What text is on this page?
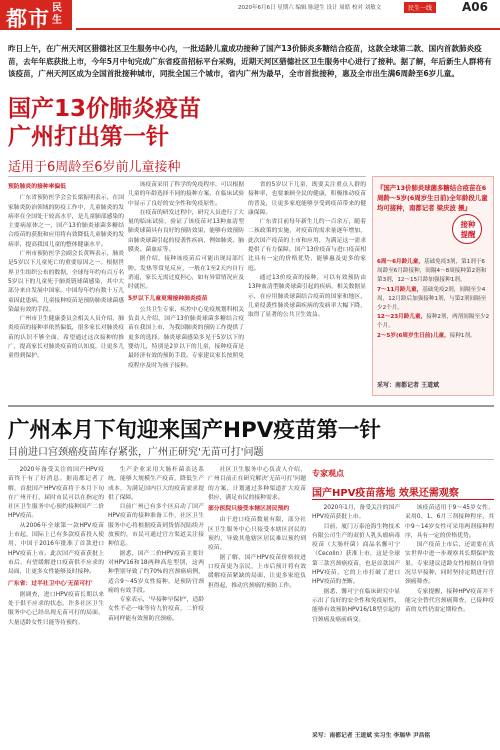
都市 民生
2020年6月6日 星期六 编辑 陈建生 设计 周皓 校对 刘敏文	民生一线	A06
昨日上午，在广州天河区猎德社区卫生服务中心内，一批适龄儿童成功接种了国产13价肺炎多糖结合疫苗，这款全球第二款、国内首款肺炎疫苗，去年年底获批上市，今年5月中旬完成广东省疫苗招标平台采购，近期天河区猎德社区卫生服务中心进行了接种。据了解，年后新生人群将有该疫苗，广州天河区成为全国首批接种城市，同批全国三个城市，省内广州为最早，全市首批接种，惠及全市出生满6周龄至6岁儿童。
国产13价肺炎疫苗
广州打出第一针
适用于6周龄至6岁前儿童接种

预防肺炎的接种率偏低

广东省预防医学会会长梁振明表示，在国家肺炎防治领域的防疫工作中，儿童肺炎的发病率在全国处于较高水平，是儿童肺部感染的主要病原体之一，国产13价肺炎球菌多糖结合疫苗的获批和应用将有效降低儿童肺炎的发病率，提高我国儿童的整体健康水平。

广州市预防医学会副会长黄辉表示，肺炎是5岁以下儿童死亡的重要原因之一。根据世界卫生组织公布的数据，全球每年约有百万名5岁以下的儿童死于肺炎链球菌感染，其中大部分来自发展中国家。中国每年约有数十万儿童因此患病，儿童接种疫苗是预防肺炎球菌感染最有效的手段。

广州市卫生健康委员会相关人员介绍，肺炎疫苗的接种率依然偏低，很多家长对肺炎疫苗的认识不够全面，希望通过这次接种的推广，提高家长对肺炎疫苗的认知度，让更多儿童得到保护。

该疫苗采用了科学的免疫程序，可以根据儿童的年龄选择不同的接种方案，在临床试验中显示了良好的安全性和免疫原性。

在疫苗的研发过程中，研究人员进行了大量的临床试验，验证了该疫苗对13种血清型肺炎球菌具有良好的预防效果，能够有效预防由肺炎球菌引起的侵袭性疾病，例如肺炎、脑膜炎、菌血症等。

据介绍，接种该疫苗后可能出现局部红肿、发热等常见反应，一般在1至2天内自行消退，家长无需过度担心，如有异常情况应及时就医。

5岁以下儿童更需接种肺炎疫苗

公共卫生专家、疾控中心免疫规划科相关负责人介绍，国产13价肺炎球菌多糖结合疫苗在我国上市，为我国肺炎的预防工作提供了更多的选择。肺炎球菌感染多见于5岁以下的婴幼儿，特别是2岁以下的儿童，接种疫苗是最经济有效的预防手段。专家建议家长按照免疫程序及时为孩子接种。

省的5岁以下儿童，既要关注重点人群的接种率，也要兼顾全民的健康，积极推动疫苗的普及，让更多家庭能够享受到疫苗带来的健康保障。

广东省目前每年新生儿约一百余万，随着二孩政策的实施，对疫苗的需求量逐年增加，此次国产疫苗的上市和应用，为满足这一需求提供了有力保障。国产13价疫苗与进口疫苗相比具有一定的价格优势，能够惠及更多的家庭。

通过13价疫苗的接种，可以有效预防由13种血清型肺炎球菌引起的疾病，相关数据显示，在应用肺炎球菌结合疫苗的国家和地区，儿童侵袭性肺炎球菌疾病的发病率大幅下降，取得了显著的公共卫生效益。

『国产13价肺炎球菌多糖结合疫苗在6周龄～5岁(6周岁生日前)全年龄段儿童均可接种，南都记者 梁庆波 摄』
接种提醒

6周～6月龄儿童，基础免疫3剂，第1剂于6周龄至6月龄接种，间隔4～8周接种第2剂和第3剂，12～15月龄加强接种1剂。

7～11月龄儿童，基础免疫2剂，间隔至少4周，12月龄后加强接种1剂，与第2剂间隔至少2个月。

12～23月龄儿童，接种2剂，两剂间隔至少2个月。

2～5岁(6周岁生日前)儿童，接种1剂。

采写：南都记者 王道斌
广州本月下旬迎来国产HPV疫苗第一针
目前进口宫颈癌疫苗库存紧张，广州正研究'无苗可打'问题

2020年备受关注的国产HPV疫苗终于有了好消息。据南都记者了解，首批国产HPV疫苗将于本月下旬在广州开打，届时市民可以在指定的社区卫生服务中心预约接种国产二价HPV疫苗。

从2006年全球第一款HPV疫苗上市起，国际上已有多款疫苗投入使用，中国于2016年批准了首款进口HPV疫苗上市。此次国产疫苗获批上市后，有望缓解进口疫苗供不应求的局面，让更多女性能够及时接种。

广东省：过半社卫中心'无苗可打'

据调查，进口HPV疫苗长期以来处于供不应求的状态，许多社区卫生服务中心已经出现无苗可打的局面，大量适龄女性只能等待预约。

生产企业采用大肠杆菌表达系统，能够大规模生产疫苗，降低生产成本，为满足国内巨大的疫苗需求提供了保障。

目前广州已有多个区启动了国产HPV疫苗的接种准备工作，社区卫生服务中心将根据疫苗到货情况陆续开放预约，市民可通过官方渠道关注接种信息。

据悉，国产二价HPV疫苗主要针对HPV16和18两种高危型别，这两种型别导致了约70%的宫颈癌病例，适合9～45岁女性接种，是预防宫颈癌的有效手段。

专家表示，'早接种早保护'，适龄女性不必一味等待九价疫苗，二价疫苗同样能有效预防宫颈癌。

社区卫生服务中心负责人介绍，广州目前正在研究解决'无苗可打'问题的方案，计划通过多种渠道扩大疫苗供应，满足市民的接种需求。

部分医院只接受本辖区居民预约

由于进口疫苗数量有限，部分社区卫生服务中心只接受本辖区居民的预约，导致其他辖区居民难以预约到疫苗。

据了解，国产HPV疫苗价格较进口疫苗更为亲民，上市后预计将有效缓解疫苗紧缺的局面，让更多家庭负担得起，推动宫颈癌的预防工作。

专家观点
国产HPV疫苗落地 效果还需观察

2020年1月，备受关注的国产HPV疫苗获批上市。

目前，厦门万泰沧海生物技术有限公司生产的双价人乳头瘤病毒疫苗（大肠杆菌）商品名馨可宁（Cecolin）获准上市，这是全球第三款宫颈癌疫苗，也是首款国产HPV疫苗，它的上市打破了进口HPV疫苗的垄断。

据悉，馨可宁在临床研究中显示出了良好的安全性和免疫原性，能够有效预防HPV16/18型引起的宫颈癌及癌前病变。

该疫苗适用于9～45岁女性，采用0、1、6月三剂接种程序，其中9～14岁女性可采用两剂接种程序，具有一定的价格优势。

国产疫苗上市后，还需要在真实世界中进一步观察其长期保护效果，专家建议适龄女性根据自身情况尽早接种，同时坚持定期进行宫颈癌筛查。

专家提醒，接种HPV疫苗并不能完全替代宫颈癌筛查，已接种疫苗的女性仍需定期检查。

采写：南都记者 王道斌 实习生 李瑞华 尹昌铭
